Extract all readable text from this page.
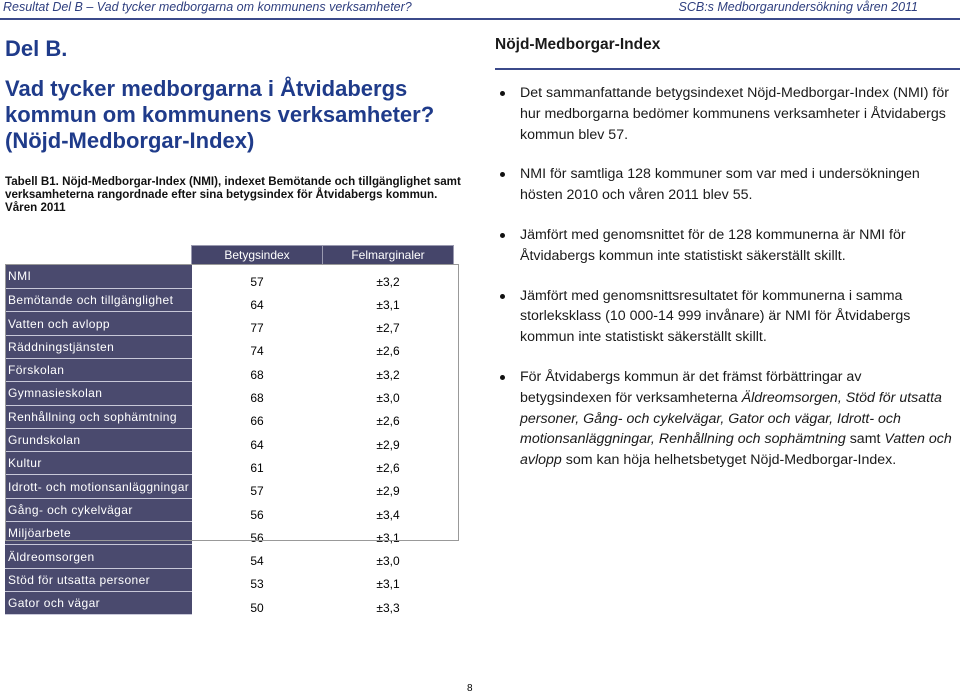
Resultat Del B – Vad tycker medborgarna om kommunens verksamheter?	SCB:s Medborgarundersökning våren 2011
Del B.
Vad tycker medborgarna i Åtvidabergs
kommun om kommunens verksamheter?
(Nöjd-Medborgar-Index)
Tabell B1. Nöjd-Medborgar-Index (NMI), indexet Bemötande och tillgänglighet samt
verksamheterna rangordnade efter sina betygsindex för Åtvidabergs kommun.
Våren 2011
	Betygsindex	Felmarginaler
NMI	57	±3,2
Bemötande och tillgänglighet	64	±3,1
Vatten och avlopp	77	±2,7
Räddningstjänsten	74	±2,6
Förskolan	68	±3,2
Gymnasieskolan	68	±3,0
Renhållning och sophämtning	66	±2,6
Grundskolan	64	±2,9
Kultur	61	±2,6
Idrott- och motionsanläggningar	57	±2,9
Gång- och cykelvägar	56	±3,4
Miljöarbete	56	±3,1
Äldreomsorgen	54	±3,0
Stöd för utsatta personer	53	±3,1
Gator och vägar	50	±3,3
Nöjd-Medborgar-Index
Det sammanfattande betygsindexet Nöjd-Medborgar-Index (NMI) för hur medborgarna bedömer kommunens verksamheter i Åtvidabergs kommun blev 57.
NMI för samtliga 128 kommuner som var med i undersökningen hösten 2010 och våren 2011 blev 55.
Jämfört med genomsnittet för de 128 kommunerna är NMI för Åtvidabergs kommun inte statistiskt säkerställt skillt.
Jämfört med genomsnittsresultatet för kommunerna i samma storleksklass (10 000-14 999 invånare) är NMI för Åtvidabergs kommun inte statistiskt säkerställt skillt.
För Åtvidabergs kommun är det främst förbättringar av betygsindexen för verksamheterna Äldreomsorgen, Stöd för utsatta personer, Gång- och cykelvägar, Gator och vägar, Idrott- och motionsanläggningar, Renhållning och sophämtning samt Vatten och avlopp som kan höja helhetsbetyget Nöjd-Medborgar-Index.
8
